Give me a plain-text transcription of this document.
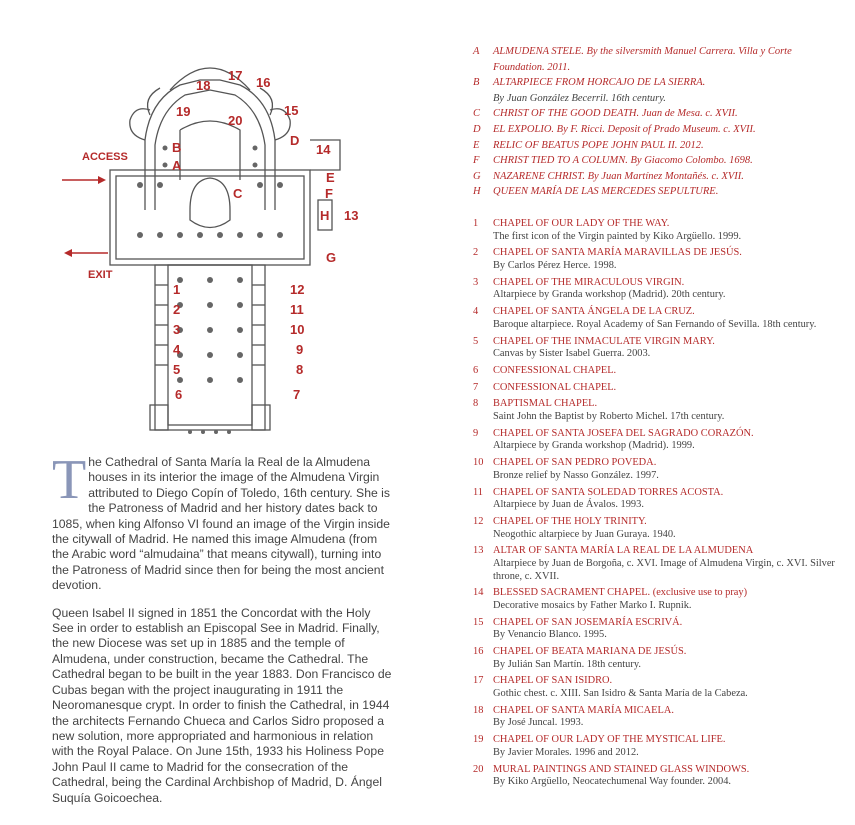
ACCESS
EXIT
1
2
3
4
5
6	7
8
9
10
11
12
13
14
15
16
17
18
19
20
A
B
C
D
E
F
G
H

The Cathedral of Santa María la Real de la Almudena houses in its interior the image of the Almudena Virgin attributed to Diego Copín of Toledo, 16th century. She is the Patroness of Madrid and her history dates back to 1085, when king Alfonso VI found an image of the Virgin inside the citywall of Madrid. He named this image Almudena (from the Arabic word “almudaina” that means citywall), turning into the Patroness of Madrid since then for being the most ancient devotion.

Queen Isabel II signed in 1851 the Concordat with the Holy See in order to establish an Episcopal See in Madrid. Finally, the new Diocese was set up in 1885 and the temple of Almudena, under construction, became the Cathedral. The Cathedral began to be built in the year 1883. Don Francisco de Cubas began with the project inaugurating in 1911 the Neoromanesque crypt. In order to finish the Cathedral, in 1944 the architects Fernando Chueca and Carlos Sidro proposed a new solution, more appropriated and harmonious in relation with the Royal Palace. On June 15th, 1933 his Holiness Pope John Paul II came to Madrid for the consecration of the Cathedral, being the Cardinal Archbishop of Madrid, D. Ángel Suquía Goicoechea.

A	ALMUDENA STELE. By the silversmith Manuel Carrera. Villa y Corte Foundation. 2011.
B	ALTARPIECE FROM HORCAJO DE LA SIERRA.
By Juan González Becerril. 16th century.
C	CHRIST OF THE GOOD DEATH. Juan de Mesa. c. XVII.
D	EL EXPOLIO. By F. Ricci. Deposit of Prado Museum. c. XVII.
E	RELIC OF BEATUS POPE JOHN PAUL II. 2012.
F	CHRIST TIED TO A COLUMN. By Giacomo Colombo. 1698.
G	NAZARENE CHRIST. By Juan Martínez Montañés. c. XVII.
H	QUEEN MARÍA DE LAS MERCEDES SEPULTURE.
1	CHAPEL OF OUR LADY OF THE WAY.
The first icon of the Virgin painted by Kiko Argüello. 1999.
2	CHAPEL OF SANTA MARÍA MARAVILLAS DE JESÚS.
By Carlos Pérez Herce. 1998.
3	CHAPEL OF THE MIRACULOUS VIRGIN.
Altarpiece by Granda workshop (Madrid). 20th century.
4	CHAPEL OF SANTA ÁNGELA DE LA CRUZ.
Baroque altarpiece. Royal Academy of San Fernando of Sevilla. 18th century.
5	CHAPEL OF THE INMACULATE VIRGIN MARY.
Canvas by Sister Isabel Guerra. 2003.
6	CONFESSIONAL CHAPEL.
7	CONFESSIONAL CHAPEL.
8	BAPTISMAL CHAPEL.
Saint John the Baptist by Roberto Michel. 17th century.
9	CHAPEL OF SANTA JOSEFA DEL SAGRADO CORAZÓN.
Altarpiece by Granda workshop (Madrid). 1999.
10 CHAPEL OF SAN PEDRO POVEDA.
Bronze relief by Nasso González. 1997.
11 CHAPEL OF SANTA SOLEDAD TORRES ACOSTA.
Altarpiece by Juan de Ávalos. 1993.
12 CHAPEL OF THE HOLY TRINITY.
Neogothic altarpiece by Juan Guraya. 1940.
13 ALTAR OF SANTA MARÍA LA REAL DE LA ALMUDENA
Altarpiece by Juan de Borgoña, c. XVI. Image of Almudena Virgin, c. XVI. Silver throne, c. XVII.
14 BLESSED SACRAMENT CHAPEL. (exclusive use to pray)
Decorative mosaics by Father Marko I. Rupnik.
15 CHAPEL OF SAN JOSEMARÍA ESCRIVÁ.
By Venancio Blanco. 1995.
16 CHAPEL OF BEATA MARIANA DE JESÚS.
By Julián San Martín. 18th century.
17 CHAPEL OF SAN ISIDRO.
Gothic chest. c. XIII. San Isidro & Santa María de la Cabeza.
18 CHAPEL OF SANTA MARÍA MICAELA.
By José Juncal. 1993.
19 CHAPEL OF OUR LADY OF THE MYSTICAL LIFE.
By Javier Morales. 1996 and 2012.
20 MURAL PAINTINGS AND STAINED GLASS WINDOWS.
By Kiko Argüello, Neocatechumenal Way founder. 2004.
